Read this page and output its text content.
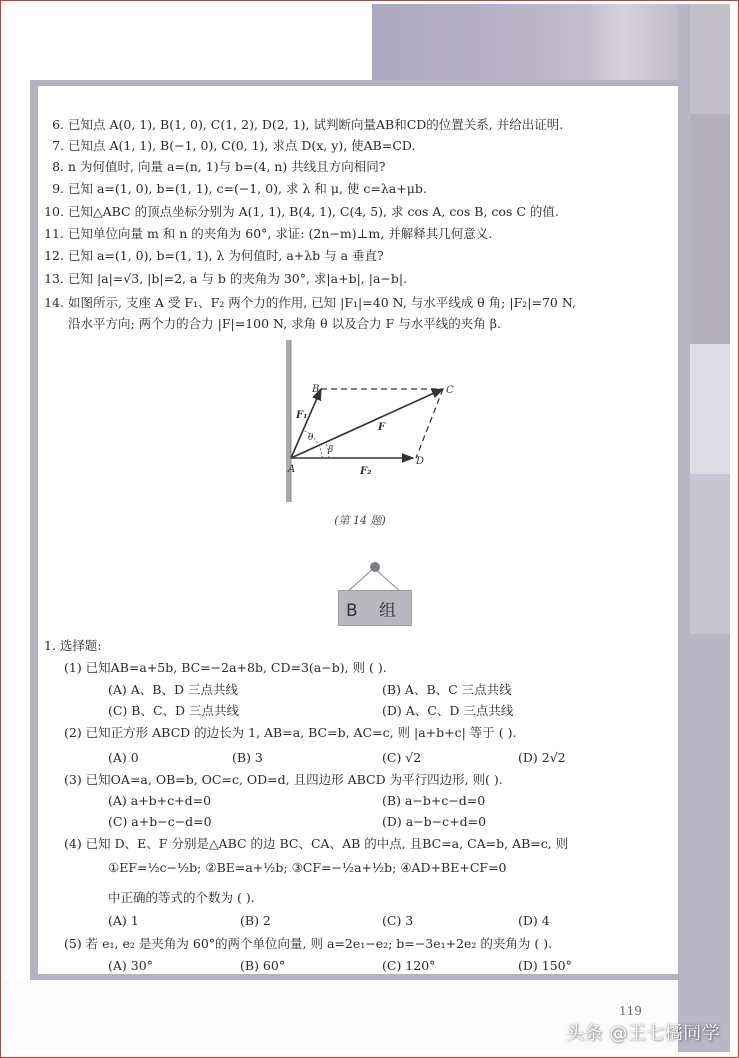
6. 已知点 A(0, 1), B(1, 0), C(1, 2), D(2, 1), 试判断向量AB和CD的位置关系, 并给出证明.
7. 已知点 A(1, 1), B(−1, 0), C(0, 1), 求点 D(x, y), 使AB=CD.
8. n 为何值时, 向量 a=(n, 1)与 b=(4, n) 共线且方向相同?
9. 已知 a=(1, 0), b=(1, 1), c=(−1, 0), 求 λ 和 μ, 使 c=λa+μb.
10. 已知△ABC 的顶点坐标分别为 A(1, 1), B(4, 1), C(4, 5), 求 cos A, cos B, cos C 的值.
11. 已知单位向量 m 和 n 的夹角为 60°, 求证: (2n−m)⊥m, 并解释其几何意义.
12. 已知 a=(1, 0), b=(1, 1), λ 为何值时, a+λb 与 a 垂直?
13. 已知 |a|=√3, |b|=2, a 与 b 的夹角为 30°, 求|a+b|, |a−b|.
14. 如图所示, 支座 A 受 F₁、F₂ 两个力的作用, 已知 |F₁|=40 N, 与水平线成 θ 角; |F₂|=70 N,
沿水平方向; 两个力的合力 |F|=100 N, 求角 θ 以及合力 F 与水平线的夹角 β.
B	C
D
A
F₁
F
F₂
θ
β
(第 14 题)
B 组
1. 选择题:
(1) 已知AB=a+5b, BC=−2a+8b, CD=3(a−b), 则 ( ).
(A) A、B、D 三点共线	(B) A、B、C 三点共线
(C) B、C、D 三点共线	(D) A、C、D 三点共线
(2) 已知正方形 ABCD 的边长为 1, AB=a, BC=b, AC=c, 则 |a+b+c| 等于 ( ).
(A) 0	(B) 3	(C) √2	(D) 2√2
(3) 已知OA=a, OB=b, OC=c, OD=d, 且四边形 ABCD 为平行四边形, 则( ).
(A) a+b+c+d=0	(B) a−b+c−d=0
(C) a+b−c−d=0	(D) a−b−c+d=0
(4) 已知 D、E、F 分别是△ABC 的边 BC、CA、AB 的中点, 且BC=a, CA=b, AB=c, 则
①EF=½c−½b; ②BE=a+½b; ③CF=−½a+½b; ④AD+BE+CF=0
中正确的等式的个数为 ( ).
(A) 1	(B) 2	(C) 3	(D) 4
(5) 若 e₁, e₂ 是夹角为 60°的两个单位向量, 则 a=2e₁−e₂; b=−3e₁+2e₂ 的夹角为 ( ).
(A) 30°	(B) 60°	(C) 120°	(D) 150°
119
头条 @王七橘同学
